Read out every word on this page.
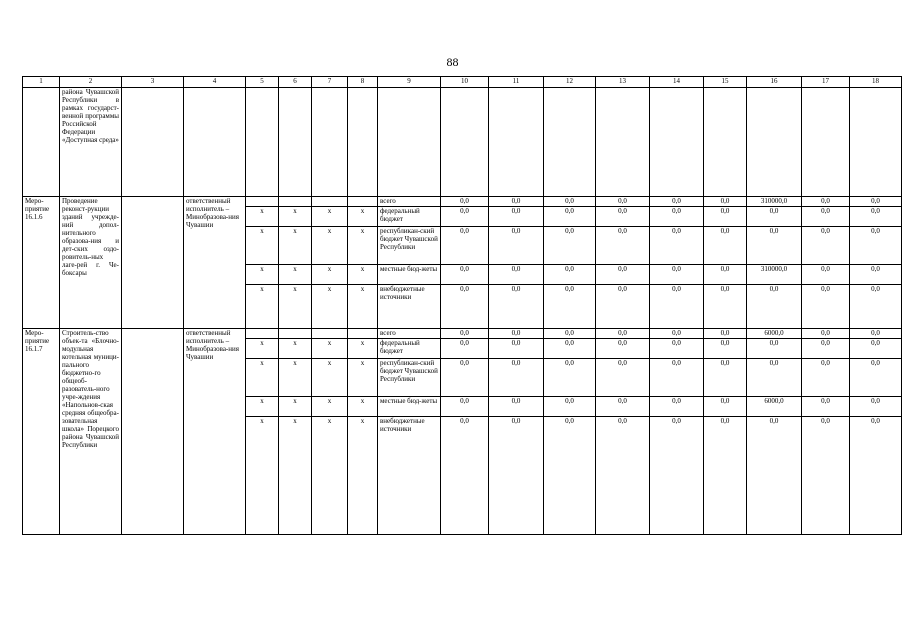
88
1	2	3	4	5	6	7	8	9	10	11	12	13	14	15	16	17	18
	района Чувашской Республики в рамках государст-венной программы Российской Федерации «Доступная среда»																
Меро-приятие 16.1.6	Проведение реконст-рукции зданий учрежде-ний допол-нительного образова-ния и дет-ских оздо-ровитель-ных лаге-рей г. Че-боксары		ответственный исполнитель – Минобразова-ния Чувашии					всего	0,0	0,0	0,0	0,0	0,0	0,0	310000,0	0,0	0,0
				х	х	х	х	федеральный бюджет	0,0	0,0	0,0	0,0	0,0	0,0	0,0	0,0	0,0
				х	х	х	х	республикан-ский бюджет Чувашской Республики	0,0	0,0	0,0	0,0	0,0	0,0	0,0	0,0	0,0
				х	х	х	х	местные бюд-жеты	0,0	0,0	0,0	0,0	0,0	0,0	310000,0	0,0	0,0
				х	х	х	х	внебюджетные источники	0,0	0,0	0,0	0,0	0,0	0,0	0,0	0,0	0,0
Меро-приятие 16.1.7	Строитель-ство объек-та «Блочно-модульная котельная муници-пального бюджетно-го общеоб-разователь-ного учре-ждения «Напольнов-ская средняя общеобра-зовательная школа» Порецкого района Чувашской Республики		ответственный исполнитель – Минобразова-ния Чувашии					всего	0,0	0,0	0,0	0,0	0,0	0,0	6000,0	0,0	0,0
				х	х	х	х	федеральный бюджет	0,0	0,0	0,0	0,0	0,0	0,0	0,0	0,0	0,0
				х	х	х	х	республикан-ский бюджет Чувашской Республики	0,0	0,0	0,0	0,0	0,0	0,0	0,0	0,0	0,0
				х	х	х	х	местные бюд-жеты	0,0	0,0	0,0	0,0	0,0	0,0	6000,0	0,0	0,0
				х	х	х	х	внебюджетные источники	0,0	0,0	0,0	0,0	0,0	0,0	0,0	0,0	0,0
